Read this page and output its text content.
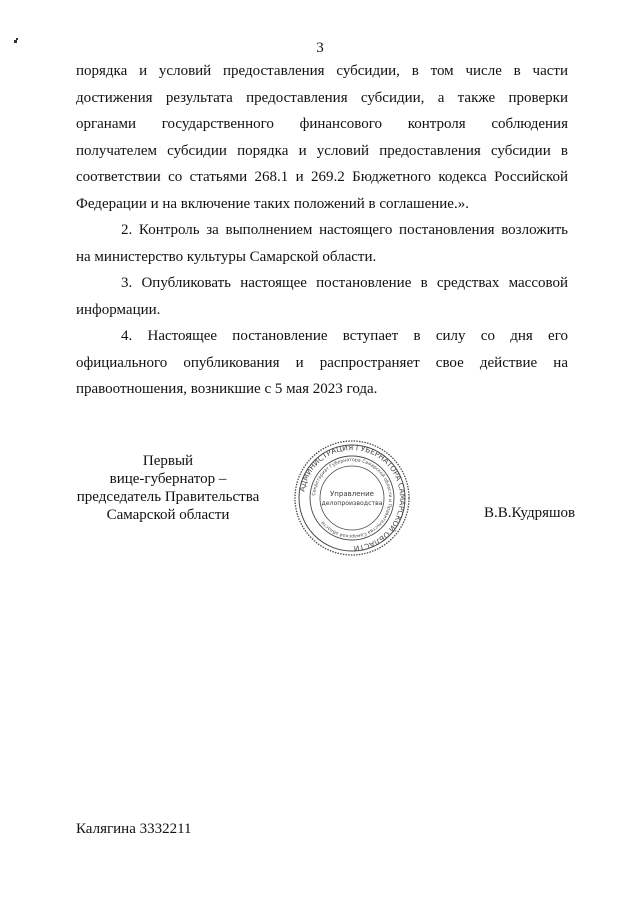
3

порядка и условий предоставления субсидии, в том числе в части

достижения результата предоставления субсидии, а также проверки

органами государственного финансового контроля соблюдения

получателем субсидии порядка и условий предоставления субсидии в

соответствии со статьями 268.1 и 269.2 Бюджетного кодекса Российской

Федерации и на включение таких положений в соглашение.».

2. Контроль за выполнением настоящего постановления возложить

на министерство культуры Самарской области.

3. Опубликовать настоящее постановление в средствах массовой

информации.

4. Настоящее постановление вступает в силу со дня его

официального опубликования и распространяет свое действие на

правоотношения, возникшие с 5 мая 2023 года.

Первый
вице-губернатор –
председатель Правительства
Самарской области
АДМИНИСТРАЦИЯ ГУБЕРНАТОРА САМАРСКОЙ ОБЛАСТИ
Секретариат Губернатора Самарской области и Правительства Самарской области
Управление
делопроизводства
В.В.Кудряшов
Калягина 3332211
